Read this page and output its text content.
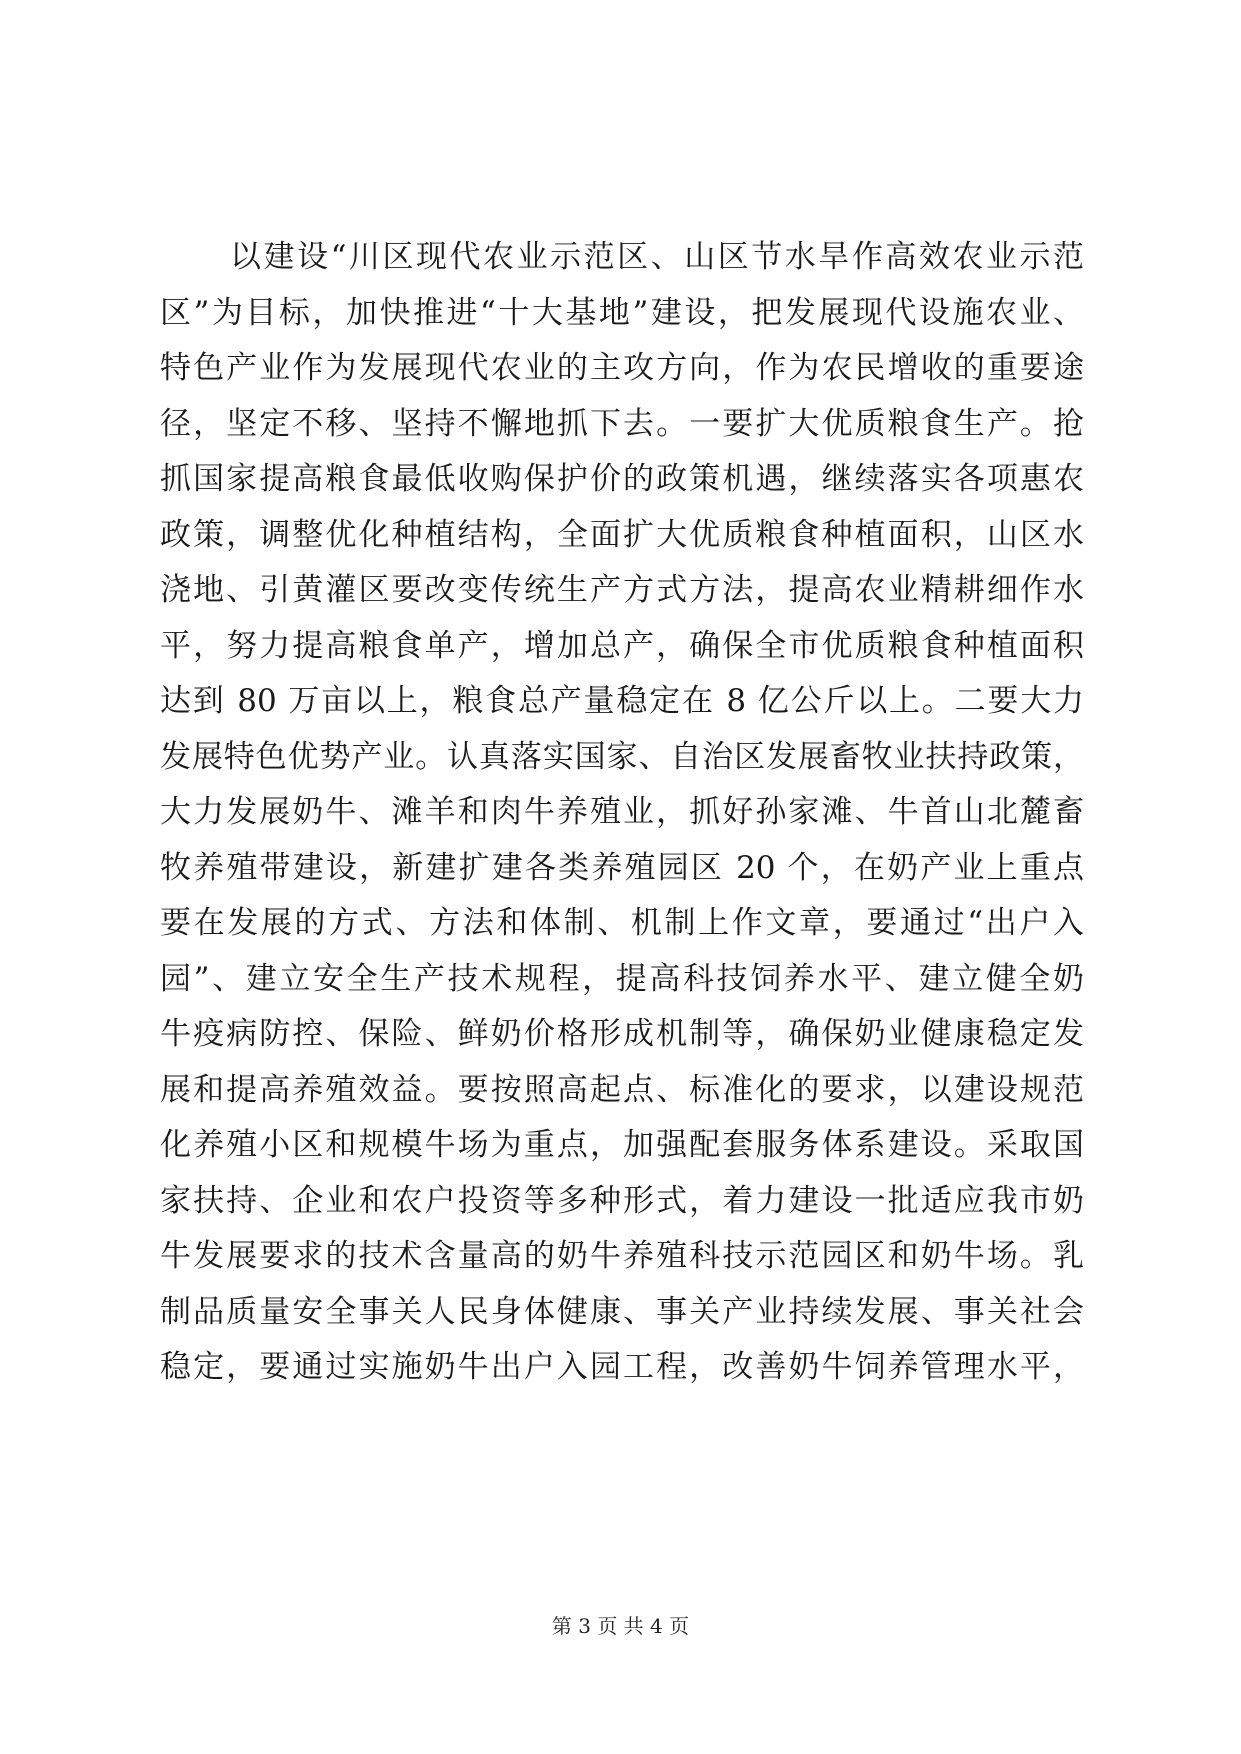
以建设“川区现代农业示范区、山区节水旱作高效农业示范
区”为目标，加快推进“十大基地”建设，把发展现代设施农业、
特色产业作为发展现代农业的主攻方向，作为农民增收的重要途
径，坚定不移、坚持不懈地抓下去。一要扩大优质粮食生产。抢
抓国家提高粮食最低收购保护价的政策机遇，继续落实各项惠农
政策，调整优化种植结构，全面扩大优质粮食种植面积，山区水
浇地、引黄灌区要改变传统生产方式方法，提高农业精耕细作水
平，努力提高粮食单产，增加总产，确保全市优质粮食种植面积
达到 80 万亩以上，粮食总产量稳定在 8 亿公斤以上。二要大力
发展特色优势产业。认真落实国家、自治区发展畜牧业扶持政策，
大力发展奶牛、滩羊和肉牛养殖业，抓好孙家滩、牛首山北麓畜
牧养殖带建设，新建扩建各类养殖园区 20 个，在奶产业上重点
要在发展的方式、方法和体制、机制上作文章，要通过“出户入
园”、建立安全生产技术规程，提高科技饲养水平、建立健全奶
牛疫病防控、保险、鲜奶价格形成机制等，确保奶业健康稳定发
展和提高养殖效益。要按照高起点、标准化的要求，以建设规范
化养殖小区和规模牛场为重点，加强配套服务体系建设。采取国
家扶持、企业和农户投资等多种形式，着力建设一批适应我市奶
牛发展要求的技术含量高的奶牛养殖科技示范园区和奶牛场。乳
制品质量安全事关人民身体健康、事关产业持续发展、事关社会
稳定，要通过实施奶牛出户入园工程，改善奶牛饲养管理水平，
第 3 页 共 4 页
